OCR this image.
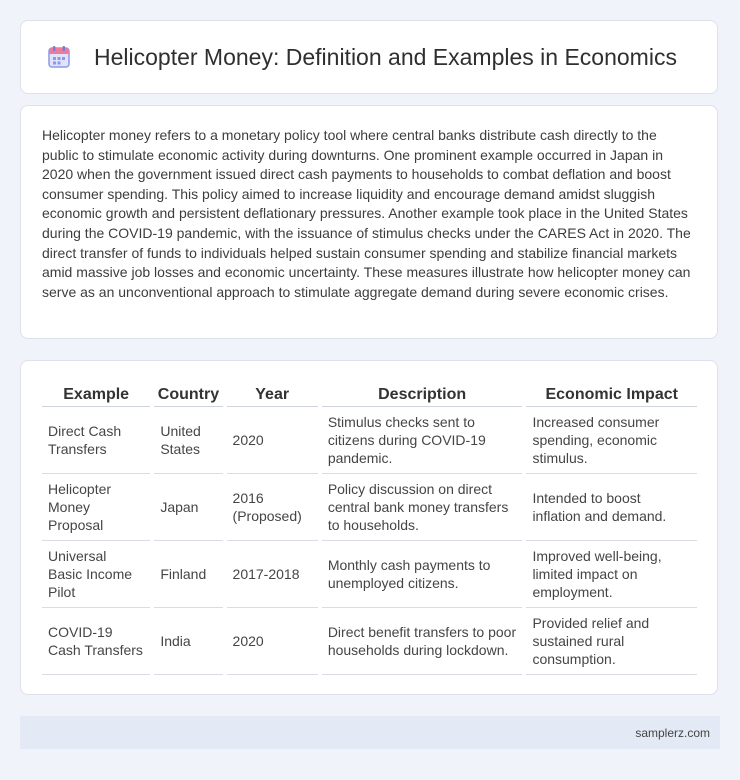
Helicopter Money: Definition and Examples in Economics

Helicopter money refers to a monetary policy tool where central banks distribute cash directly to the public to stimulate economic activity during downturns. One prominent example occurred in Japan in 2020 when the government issued direct cash payments to households to combat deflation and boost consumer spending. This policy aimed to increase liquidity and encourage demand amidst sluggish economic growth and persistent deflationary pressures. Another example took place in the United States during the COVID-19 pandemic, with the issuance of stimulus checks under the CARES Act in 2020. The direct transfer of funds to individuals helped sustain consumer spending and stabilize financial markets amid massive job losses and economic uncertainty. These measures illustrate how helicopter money can serve as an unconventional approach to stimulate aggregate demand during severe economic crises.

Example	Country	Year	Description	Economic Impact
Direct Cash Transfers	United States	2020	Stimulus checks sent to citizens during COVID-19 pandemic.	Increased consumer spending, economic stimulus.
Helicopter Money Proposal	Japan	2016 (Proposed)	Policy discussion on direct central bank money transfers to households.	Intended to boost inflation and demand.
Universal Basic Income Pilot	Finland	2017-2018	Monthly cash payments to unemployed citizens.	Improved well-being, limited impact on employment.
COVID-19 Cash Transfers	India	2020	Direct benefit transfers to poor households during lockdown.	Provided relief and sustained rural consumption.
samplerz.com
